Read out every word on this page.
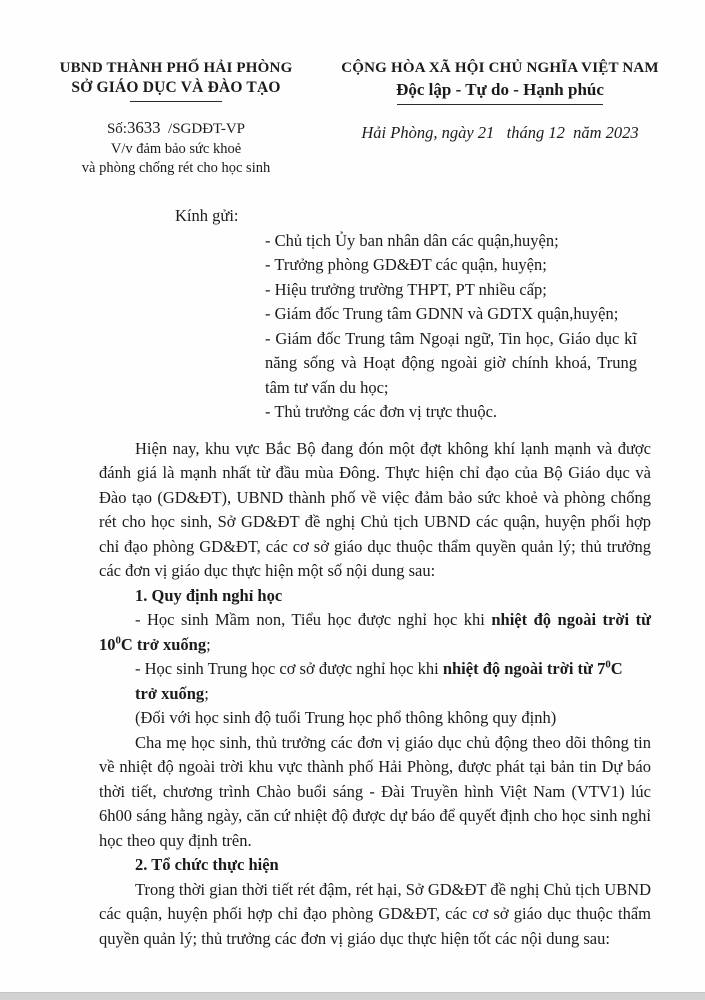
UBND THÀNH PHỐ HẢI PHÒNG
SỞ GIÁO DỤC VÀ ĐÀO TẠO
Số:3633  /SGDĐT-VP
V/v đảm bảo sức khoẻ
và phòng chống rét cho học sinh
CỘNG HÒA XÃ HỘI CHỦ NGHĨA VIỆT NAM
Độc lập - Tự do - Hạnh phúc
Hải Phòng, ngày 21   tháng 12  năm 2023
Kính gửi:
- Chủ tịch Ủy ban nhân dân các quận,huyện;
- Trưởng phòng GD&ĐT các quận, huyện;
- Hiệu trưởng trường THPT, PT nhiều cấp;
- Giám đốc Trung tâm GDNN và GDTX quận,huyện;
- Giám đốc Trung tâm Ngoại ngữ, Tin học, Giáo dục kĩ năng sống và Hoạt động ngoài giờ chính khoá, Trung tâm tư vấn du học;
- Thủ trưởng các đơn vị trực thuộc.

Hiện nay, khu vực Bắc Bộ đang đón một đợt không khí lạnh mạnh và được đánh giá là mạnh nhất từ đầu mùa Đông. Thực hiện chỉ đạo của Bộ Giáo dục và Đào tạo (GD&ĐT), UBND thành phố về việc đảm bảo sức khoẻ và phòng chống rét cho học sinh, Sở GD&ĐT đề nghị Chủ tịch UBND các quận, huyện phối hợp chỉ đạo phòng GD&ĐT, các cơ sở giáo dục thuộc thẩm quyền quản lý; thủ trưởng các đơn vị giáo dục thực hiện một số nội dung sau:

1. Quy định nghỉ học

- Học sinh Mầm non, Tiểu học được nghỉ học khi nhiệt độ ngoài trời từ $10^0C$ trở xuống;

- Học sinh Trung học cơ sở được nghỉ học khi nhiệt độ ngoài trời từ $7^0C$

trở xuống;

(Đối với học sinh độ tuổi Trung học phổ thông không quy định)

Cha mẹ học sinh, thủ trưởng các đơn vị giáo dục chủ động theo dõi thông tin về nhiệt độ ngoài trời khu vực thành phố Hải Phòng, được phát tại bản tin Dự báo thời tiết, chương trình Chào buổi sáng - Đài Truyền hình Việt Nam (VTV1) lúc 6h00 sáng hằng ngày, căn cứ nhiệt độ được dự báo để quyết định cho học sinh nghỉ học theo quy định trên.

2. Tổ chức thực hiện

Trong thời gian thời tiết rét đậm, rét hại, Sở GD&ĐT đề nghị Chủ tịch UBND các quận, huyện phối hợp chỉ đạo phòng GD&ĐT, các cơ sở giáo dục thuộc thẩm quyền quản lý; thủ trưởng các đơn vị giáo dục thực hiện tốt các nội dung sau:
